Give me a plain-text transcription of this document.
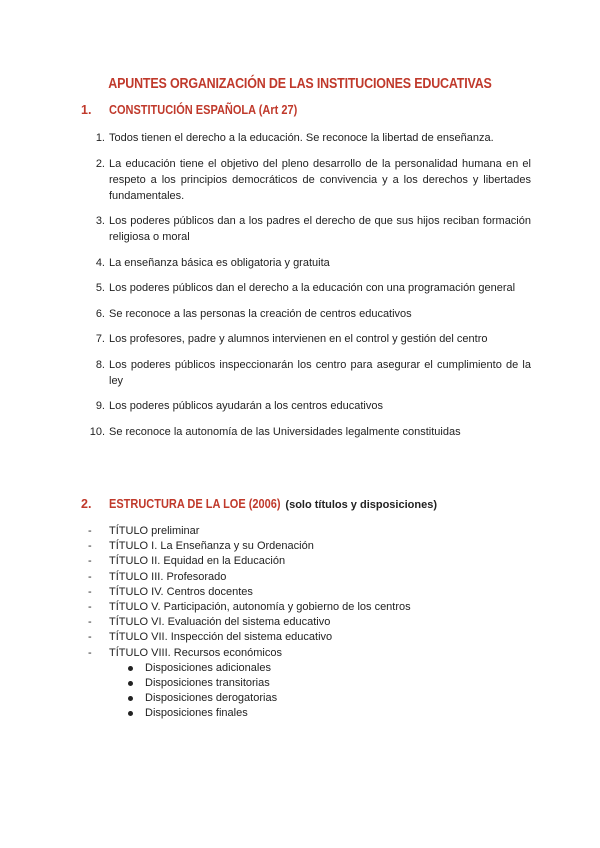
APUNTES ORGANIZACIÓN DE LAS INSTITUCIONES EDUCATIVAS
1. CONSTITUCIÓN ESPAÑOLA (Art 27)
1. Todos tienen el derecho a la educación. Se reconoce la libertad de enseñanza.
2. La educación tiene el objetivo del pleno desarrollo de la personalidad humana en el respeto a los principios democráticos de convivencia y a los derechos y libertades fundamentales.
3. Los poderes públicos dan a los padres el derecho de que sus hijos reciban formación religiosa o moral
4. La enseñanza básica es obligatoria y gratuita
5. Los poderes públicos dan el derecho a la educación con una programación general
6. Se reconoce a las personas la creación de centros educativos
7. Los profesores, padre y alumnos intervienen en el control y gestión del centro
8. Los poderes públicos inspeccionarán los centro para asegurar el cumplimiento de la ley
9. Los poderes públicos ayudarán a los centros educativos
10. Se reconoce la autonomía de las Universidades legalmente constituidas
2. ESTRUCTURA DE LA LOE (2006) (solo títulos y disposiciones)
- TÍTULO preliminar
- TÍTULO I. La Enseñanza y su Ordenación
- TÍTULO II. Equidad en la Educación
- TÍTULO III. Profesorado
- TÍTULO IV. Centros docentes
- TÍTULO V. Participación, autonomía y gobierno de los centros
- TÍTULO VI. Evaluación del sistema educativo
- TÍTULO VII. Inspección del sistema educativo
- TÍTULO VIII. Recursos económicos
Disposiciones adicionales
Disposiciones transitorias
Disposiciones derogatorias
Disposiciones finales
